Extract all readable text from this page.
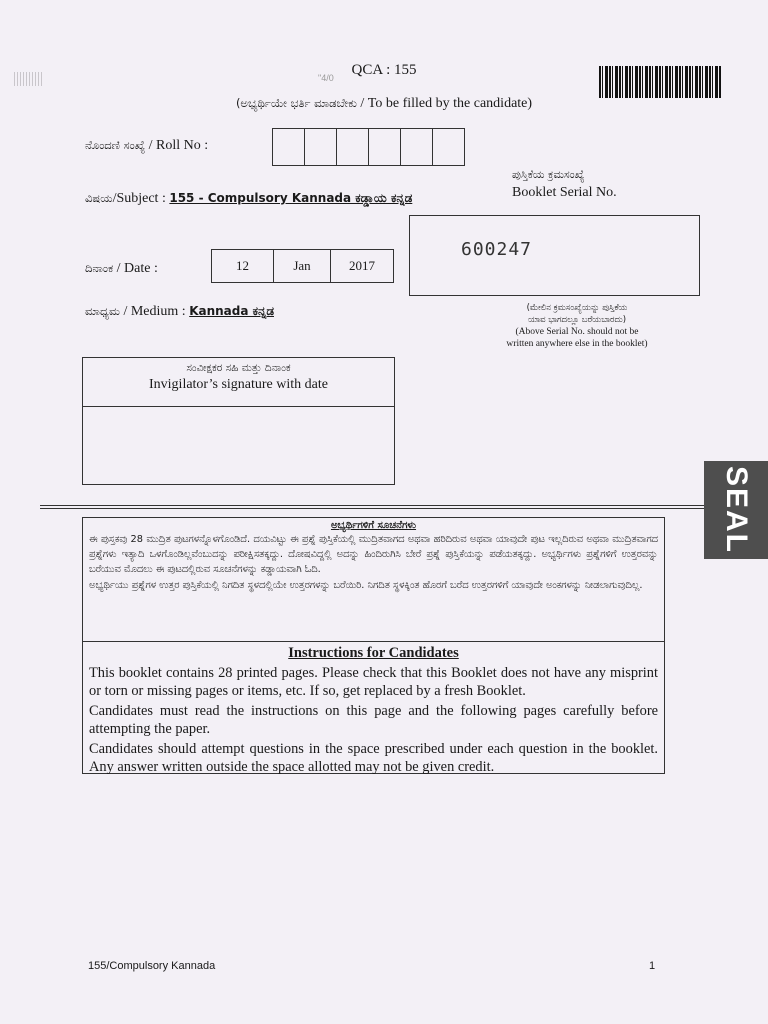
"4/0	QCA : 155
(ಅಭ್ಯರ್ಥಿಯೇ ಭರ್ತಿ ಮಾಡಬೇಕು / To be filled by the candidate)
ನೊಂದಣಿ ಸಂಖ್ಯೆ / Roll No :
ಪುಸ್ತಿಕೆಯ ಕ್ರಮಸಂಖ್ಯೆ
Booklet Serial No.
ವಿಷಯ/Subject : 155 - Compulsory Kannada ಕಡ್ಡಾಯ ಕನ್ನಡ
600247
ದಿನಾಂಕ / Date :	12	Jan	2017
ಮಾಧ್ಯಮ / Medium : Kannada ಕನ್ನಡ	(ಮೇಲಿನ ಕ್ರಮಸಂಖ್ಯೆಯನ್ನು ಪುಸ್ತಿಕೆಯ
ಯಾವ ಭಾಗದಲ್ಲೂ ಬರೆಯಬಾರದು)
(Above Serial No. should not be
written anywhere else in the booklet)
ಸಂವೀಕ್ಷಕರ ಸಹಿ ಮತ್ತು ದಿನಾಂಕ
Invigilator’s signature with date
SEAL
ಅಭ್ಯರ್ಥಿಗಳಿಗೆ ಸೂಚನೆಗಳು

ಈ ಪುಸ್ತಕವು 28 ಮುದ್ರಿತ ಪುಟಗಳನ್ನೊಳಗೊಂಡಿದೆ. ದಯವಿಟ್ಟು ಈ ಪ್ರಶ್ನೆ ಪುಸ್ತಿಕೆಯಲ್ಲಿ ಮುದ್ರಿತವಾಗದ ಅಥವಾ ಹರಿದಿರುವ ಅಥವಾ ಯಾವುದೇ ಪುಟ ಇಲ್ಲದಿರುವ ಅಥವಾ ಮುದ್ರಿತವಾಗದ ಪ್ರಶ್ನೆಗಳು ಇತ್ಯಾದಿ ಒಳಗೊಂಡಿಲ್ಲವೆಂಬುದನ್ನು ಪರೀಕ್ಷಿಸತಕ್ಕದ್ದು. ದೋಷವಿದ್ದಲ್ಲಿ ಅದನ್ನು ಹಿಂದಿರುಗಿಸಿ ಬೇರೆ ಪ್ರಶ್ನೆ ಪುಸ್ತಿಕೆಯನ್ನು ಪಡೆಯತಕ್ಕದ್ದು. ಅಭ್ಯರ್ಥಿಗಳು ಪ್ರಶ್ನೆಗಳಿಗೆ ಉತ್ತರವನ್ನು ಬರೆಯುವ ಮೊದಲು ಈ ಪುಟದಲ್ಲಿರುವ ಸೂಚನೆಗಳನ್ನು ಕಡ್ಡಾಯವಾಗಿ ಓದಿ.

ಅಭ್ಯರ್ಥಿಯು ಪ್ರಶ್ನೆಗಳ ಉತ್ತರ ಪುಸ್ತಿಕೆಯಲ್ಲಿ ನಿಗದಿತ ಸ್ಥಳದಲ್ಲಿಯೇ ಉತ್ತರಗಳನ್ನು ಬರೆಯಿರಿ. ನಿಗದಿತ ಸ್ಥಳಕ್ಕಿಂತ ಹೊರಗೆ ಬರೆದ ಉತ್ತರಗಳಿಗೆ ಯಾವುದೇ ಅಂಕಗಳನ್ನು ನೀಡಲಾಗುವುದಿಲ್ಲ.

Instructions for Candidates

This booklet contains 28 printed pages. Please check that this Booklet does not have any misprint or torn or missing pages or items, etc. If so, get replaced by a fresh Booklet.

Candidates must read the instructions on this page and the following pages carefully before attempting the paper.

Candidates should attempt questions in the space prescribed under each question in the booklet. Any answer written outside the space allotted may not be given credit.

155/Compulsory Kannada	1
